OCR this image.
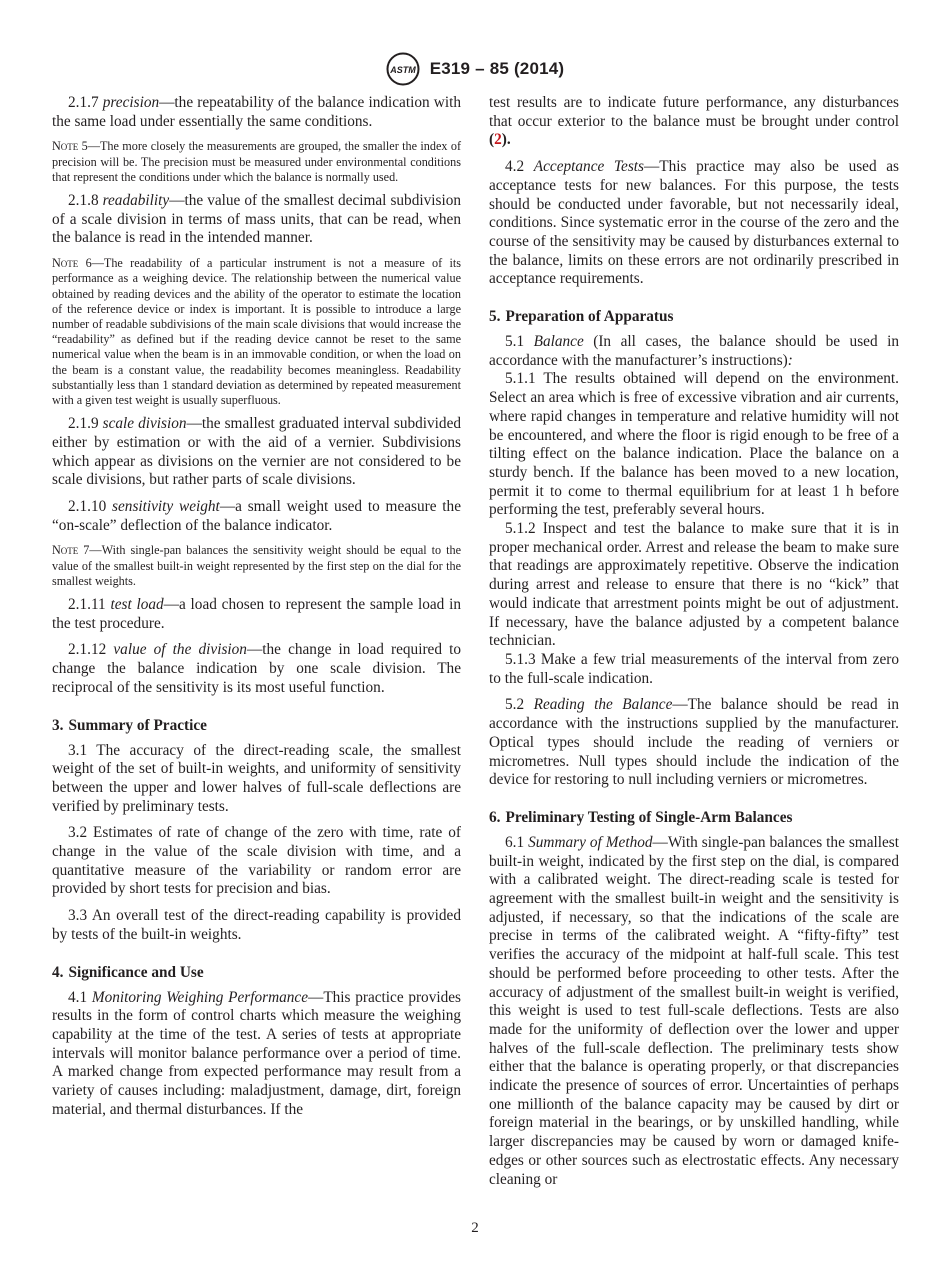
ASTM E319 – 85 (2014)

2.1.7 precision—the repeatability of the balance indication with the same load under essentially the same conditions.

Note 5—The more closely the measurements are grouped, the smaller the index of precision will be. The precision must be measured under environmental conditions that represent the conditions under which the balance is normally used.

2.1.8 readability—the value of the smallest decimal subdivision of a scale division in terms of mass units, that can be read, when the balance is read in the intended manner.

Note 6—The readability of a particular instrument is not a measure of its performance as a weighing device. The relationship between the numerical value obtained by reading devices and the ability of the operator to estimate the location of the reference device or index is important. It is possible to introduce a large number of readable subdivisions of the main scale divisions that would increase the “readability” as defined but if the reading device cannot be reset to the same numerical value when the beam is in an immovable condition, or when the load on the beam is a constant value, the readability becomes meaningless. Readability substantially less than 1 standard deviation as determined by repeated measurement with a given test weight is usually superfluous.

2.1.9 scale division—the smallest graduated interval subdivided either by estimation or with the aid of a vernier. Subdivisions which appear as divisions on the vernier are not considered to be scale divisions, but rather parts of scale divisions.

2.1.10 sensitivity weight—a small weight used to measure the “on-scale” deflection of the balance indicator.

Note 7—With single-pan balances the sensitivity weight should be equal to the value of the smallest built-in weight represented by the first step on the dial for the smallest weights.

2.1.11 test load—a load chosen to represent the sample load in the test procedure.

2.1.12 value of the division—the change in load required to change the balance indication by one scale division. The reciprocal of the sensitivity is its most useful function.

3. Summary of Practice

3.1 The accuracy of the direct-reading scale, the smallest weight of the set of built-in weights, and uniformity of sensitivity between the upper and lower halves of full-scale deflections are verified by preliminary tests.

3.2 Estimates of rate of change of the zero with time, rate of change in the value of the scale division with time, and a quantitative measure of the variability or random error are provided by short tests for precision and bias.

3.3 An overall test of the direct-reading capability is provided by tests of the built-in weights.

4. Significance and Use

4.1 Monitoring Weighing Performance—This practice provides results in the form of control charts which measure the weighing capability at the time of the test. A series of tests at appropriate intervals will monitor balance performance over a period of time. A marked change from expected performance may result from a variety of causes including: maladjustment, damage, dirt, foreign material, and thermal disturbances. If the

test results are to indicate future performance, any disturbances that occur exterior to the balance must be brought under control (2).

4.2 Acceptance Tests—This practice may also be used as acceptance tests for new balances. For this purpose, the tests should be conducted under favorable, but not necessarily ideal, conditions. Since systematic error in the course of the zero and the course of the sensitivity may be caused by disturbances external to the balance, limits on these errors are not ordinarily prescribed in acceptance requirements.

5. Preparation of Apparatus

5.1 Balance (In all cases, the balance should be used in accordance with the manufacturer’s instructions):

5.1.1 The results obtained will depend on the environment. Select an area which is free of excessive vibration and air currents, where rapid changes in temperature and relative humidity will not be encountered, and where the floor is rigid enough to be free of a tilting effect on the balance indication. Place the balance on a sturdy bench. If the balance has been moved to a new location, permit it to come to thermal equilibrium for at least 1 h before performing the test, preferably several hours.

5.1.2 Inspect and test the balance to make sure that it is in proper mechanical order. Arrest and release the beam to make sure that readings are approximately repetitive. Observe the indication during arrest and release to ensure that there is no “kick” that would indicate that arrestment points might be out of adjustment. If necessary, have the balance adjusted by a competent balance technician.

5.1.3 Make a few trial measurements of the interval from zero to the full-scale indication.

5.2 Reading the Balance—The balance should be read in accordance with the instructions supplied by the manufacturer. Optical types should include the reading of verniers or micrometres. Null types should include the indication of the device for restoring to null including verniers or micrometres.

6. Preliminary Testing of Single-Arm Balances

6.1 Summary of Method—With single-pan balances the smallest built-in weight, indicated by the first step on the dial, is compared with a calibrated weight. The direct-reading scale is tested for agreement with the smallest built-in weight and the sensitivity is adjusted, if necessary, so that the indications of the scale are precise in terms of the calibrated weight. A “fifty-fifty” test verifies the accuracy of the midpoint at half-full scale. This test should be performed before proceeding to other tests. After the accuracy of adjustment of the smallest built-in weight is verified, this weight is used to test full-scale deflections. Tests are also made for the uniformity of deflection over the lower and upper halves of the full-scale deflection. The preliminary tests show either that the balance is operating properly, or that discrepancies indicate the presence of sources of error. Uncertainties of perhaps one millionth of the balance capacity may be caused by dirt or foreign material in the bearings, or by unskilled handling, while larger discrepancies may be caused by worn or damaged knife-edges or other sources such as electrostatic effects. Any necessary cleaning or

2
